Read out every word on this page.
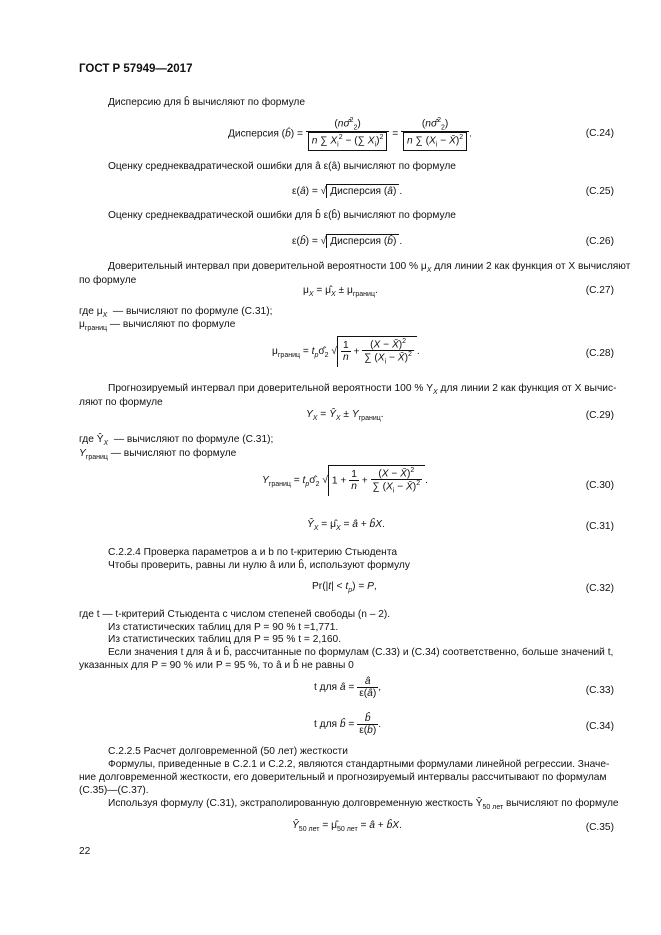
ГОСТ Р 57949—2017
Дисперсию для b̂ вычисляют по формуле
Дисперсия (b̂) = $\frac{(n\sigmâ^2_2)}{n \sum X_i^2 - (\sum X_i)^2} = \frac{(n\sigmâ^2_2)}{n \sum (X_i - X̄)^2}$ .	(С.24)
Оценку среднеквадратической ошибки для â ε(â) вычисляют по формуле
ε(â) = √ Дисперсия (â) .	(С.25)
Оценку среднеквадратической ошибки для b̂ ε(b̂) вычисляют по формуле
ε(b̂) = √ Дисперсия (b̂) .	(С.26)
Доверительный интервал при доверительной вероятности 100 % $\mu_X$ для линии 2 как функция от X вычисляют
по формуле
$\mu_X$ = $\mû_X \pm \mu_{границ}$.	(С.27)
где $\mu_X$ — вычисляют по формуле (С.31);
$\mu_{границ}$ — вычисляют по формуле
$\mu_{границ}$ = $t_p\sigmâ_2$ √ $\frac{1}{n} + \frac{(X - X̄)^2}{\sum (X_i - X̄)^2}$ .	(С.28)
Прогнозируемый интервал при доверительной вероятности 100 % $Y_X$ для линии 2 как функция от X вычис-
ляют по формуле
$Y_X$ = $Ŷ_X \pm Y_{границ}$.	(С.29)
где $Ŷ_X$ — вычисляют по формуле (С.31);
$Y_{границ}$ — вычисляют по формуле
$Y_{границ}$ = $t_p\sigmâ_2$ $√1 + \frac{1}{n} + \frac{(X - X̄)^2}{\sum (X_i - X̄)^2}$ .	(С.30)
$Ŷ_X$ = $\mû_X$ = â + b̂X.	(С.31)
С.2.2.4 Проверка параметров a и b по t-критерию Стьюдента
Чтобы проверить, равны ли нулю â или b̂, используют формулу
$Pr(|t| < t_p) = P$,	(С.32)
где t — t-критерий Стьюдента с числом степеней свободы (n – 2).
Из статистических таблиц для P = 90 % t =1,771.
Из статистических таблиц для P = 95 % t = 2,160.
Если значения t для â и b̂, рассчитанные по формулам (С.33) и (С.34) соответственно, больше значений t,
указанных для P = 90 % или P = 95 %, то â и b̂ не равны 0
t для â = $\frac{â}{\varepsilon(â)}$ ,	(С.33)
t для b̂ = $\frac{b̂}{\varepsilon(b̂)}$ .	(С.34)
С.2.2.5 Расчет долговременной (50 лет) жесткости
Формулы, приведенные в С.2.1 и С.2.2, являются стандартными формулами линейной регрессии. Значе-
ние долговременной жесткости, его доверительный и прогнозируемый интервалы рассчитывают по формулам
(С.35)—(С.37).
Используя формулу (С.31), экстраполированную долговременную жесткость $Ŷ_{50 лет}$ вычисляют по формуле
$Ŷ_{50 лет}$ = $\mû_{50 лет}$ = â + b̂X.	(С.35)
22
